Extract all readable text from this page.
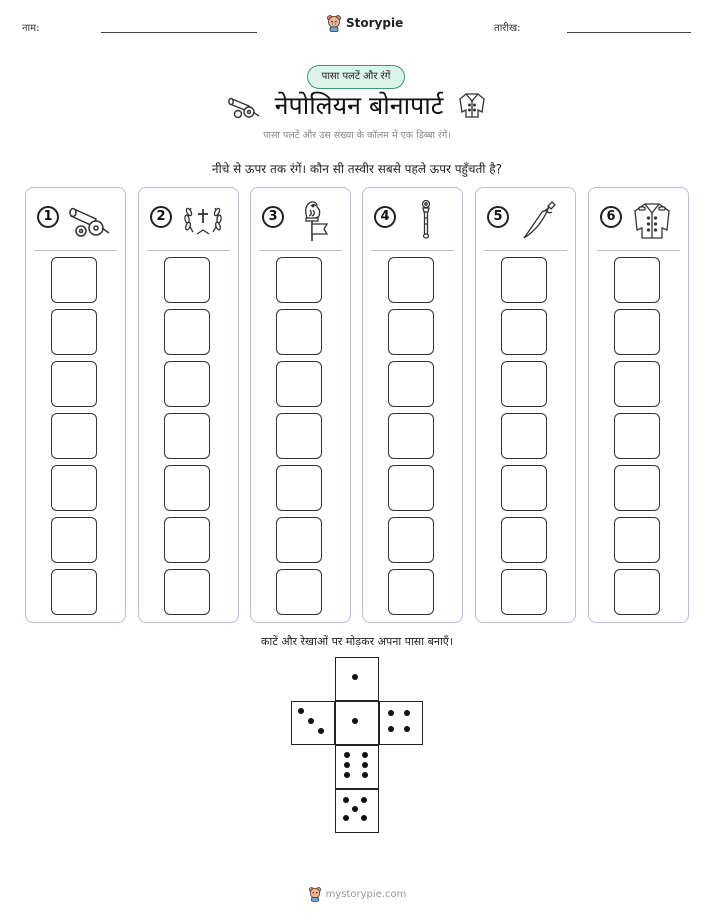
नाम:	Storypie	तारीख:
पासा पलटें और रंगें
नेपोलियन बोनापार्ट
पासा पलटें और उस संख्या के कॉलम में एक डिब्बा रंगें।
नीचे से ऊपर तक रंगें। कौन सी तस्वीर सबसे पहले ऊपर पहुँचती है?
1	2	3	4	5	6
काटें और रेखाओं पर मोड़कर अपना पासा बनाएँ।
mystorypie.com
